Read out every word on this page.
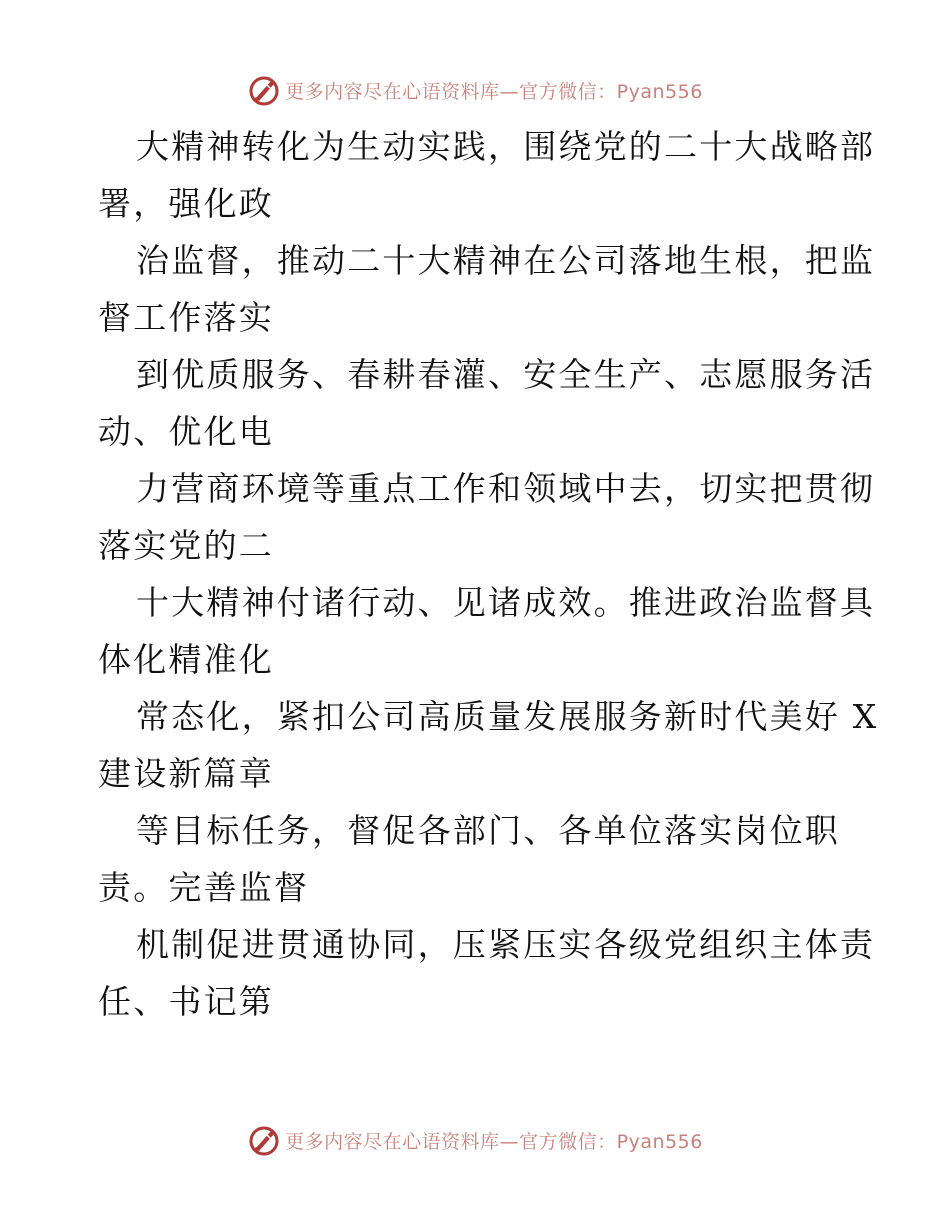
更多内容尽在心语资料库—官方微信：Pyan556
大精神转化为生动实践，围绕党的二十大战略部
署，强化政
治监督，推动二十大精神在公司落地生根，把监
督工作落实
到优质服务、春耕春灌、安全生产、志愿服务活
动、优化电
力营商环境等重点工作和领域中去，切实把贯彻
落实党的二
十大精神付诸行动、见诸成效。推进政治监督具
体化精准化
常态化，紧扣公司高质量发展服务新时代美好 X
建设新篇章
等目标任务，督促各部门、各单位落实岗位职
责。完善监督
机制促进贯通协同，压紧压实各级党组织主体责
任、书记第
更多内容尽在心语资料库—官方微信：Pyan556
